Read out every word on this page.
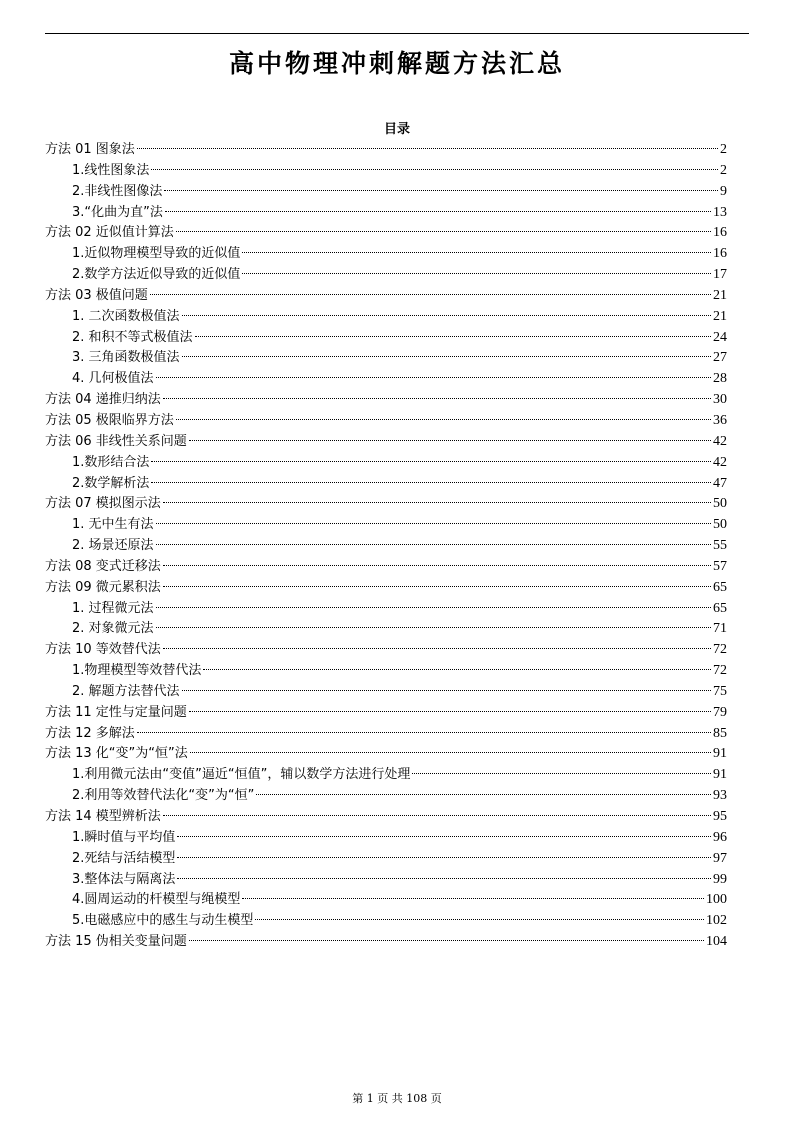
高中物理冲刺解题方法汇总
目录
方法 01 图象法	2
1.线性图象法	2
2.非线性图像法	9
3.“化曲为直”法	13
方法 02 近似值计算法	16
1.近似物理模型导致的近似值	16
2.数学方法近似导致的近似值	17
方法 03 极值问题	21
1. 二次函数极值法	21
2. 和积不等式极值法	24
3. 三角函数极值法	27
4. 几何极值法	28
方法 04 递推归纳法	30
方法 05 极限临界方法	36
方法 06 非线性关系问题	42
1.数形结合法	42
2.数学解析法	47
方法 07 模拟图示法	50
1. 无中生有法	50
2. 场景还原法	55
方法 08 变式迁移法	57
方法 09 微元累积法	65
1. 过程微元法	65
2. 对象微元法	71
方法 10 等效替代法	72
1.物理模型等效替代法	72
2. 解题方法替代法	75
方法 11 定性与定量问题	79
方法 12 多解法	85
方法 13 化“变”为“恒”法	91
1.利用微元法由“变值”逼近“恒值”，辅以数学方法进行处理	91
2.利用等效替代法化“变”为“恒”	93
方法 14 模型辨析法	95
1.瞬时值与平均值	96
2.死结与活结模型	97
3.整体法与隔离法	99
4.圆周运动的杆模型与绳模型	100
5.电磁感应中的感生与动生模型	102
方法 15 伪相关变量问题	104
第 1 页 共 108 页
